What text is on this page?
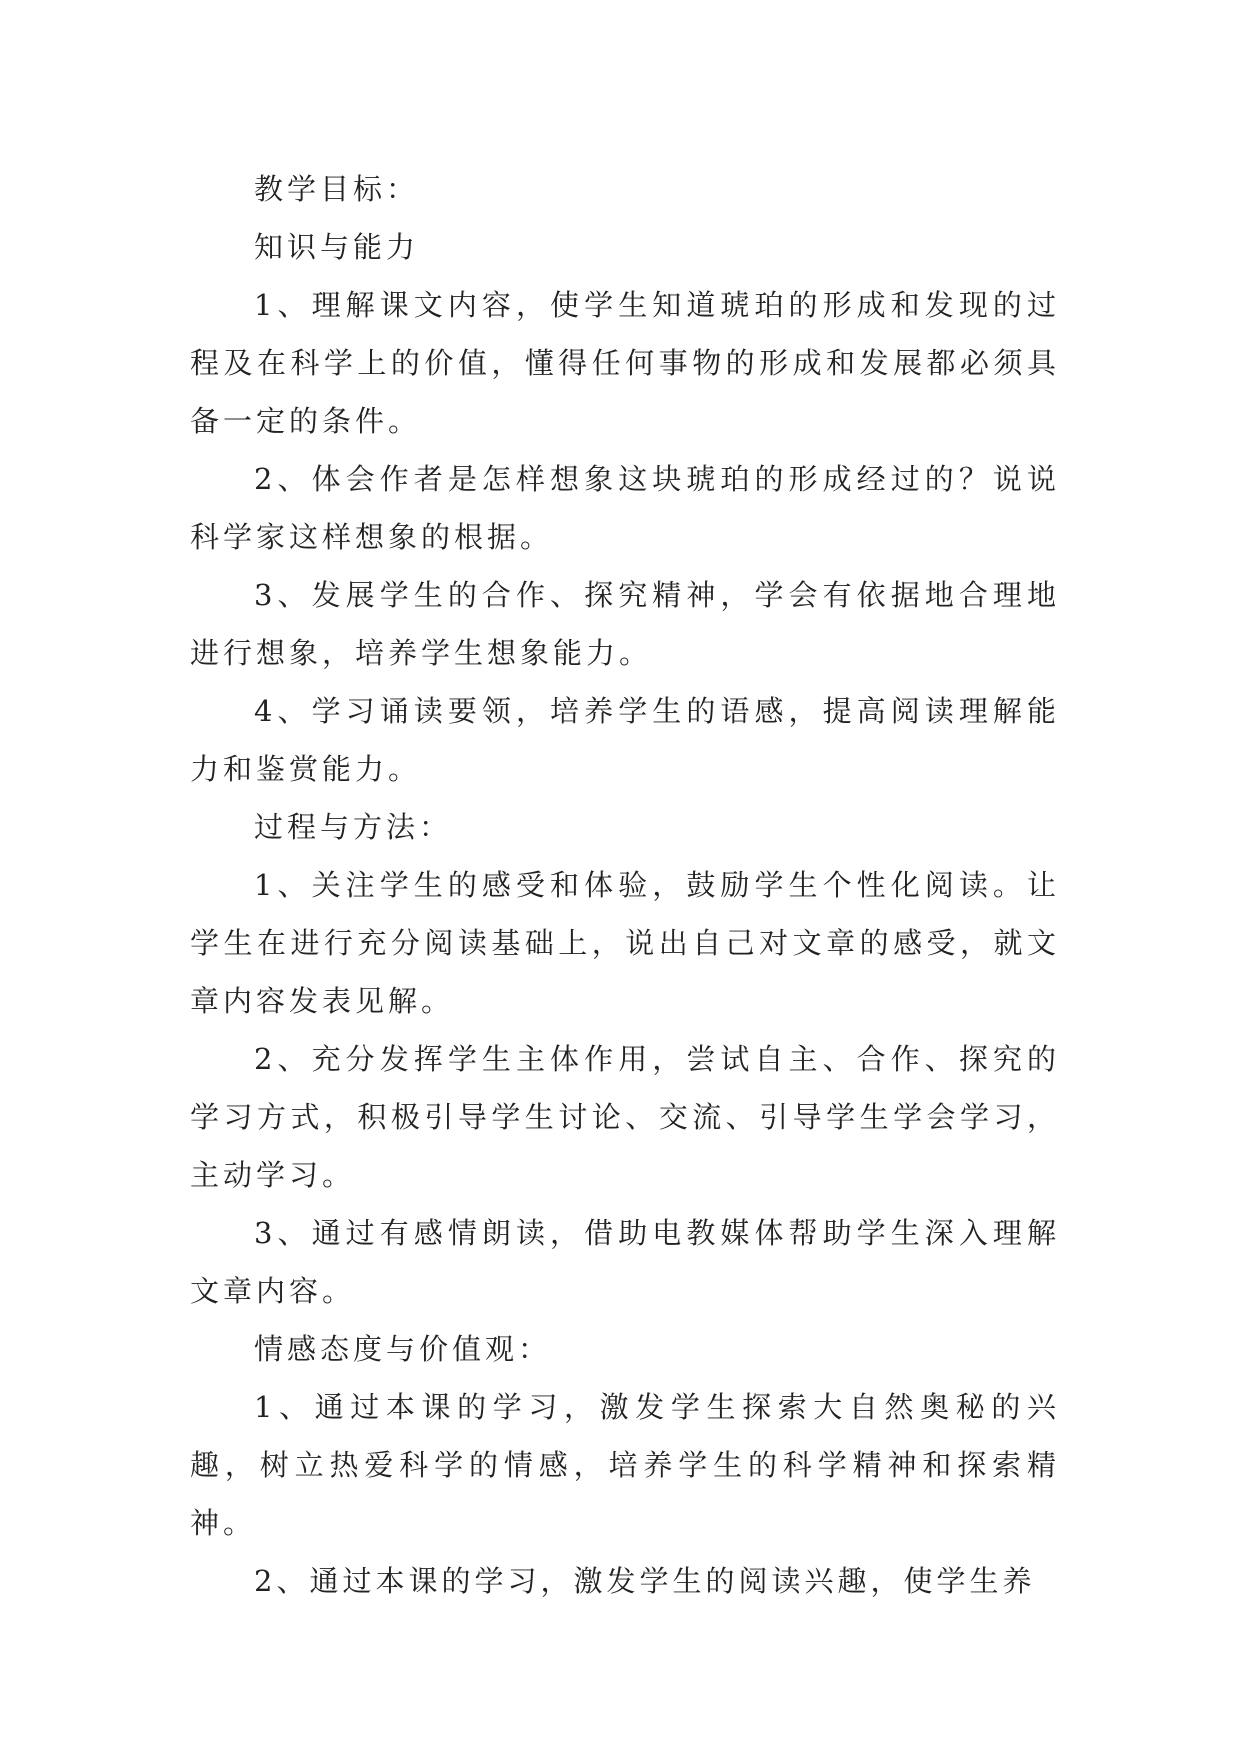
教学目标：

知识与能力

1、理解课文内容，使学生知道琥珀的形成和发现的过程及在科学上的价值，懂得任何事物的形成和发展都必须具备一定的条件。

2、体会作者是怎样想象这块琥珀的形成经过的？说说科学家这样想象的根据。

3、发展学生的合作、探究精神，学会有依据地合理地进行想象，培养学生想象能力。

4、学习诵读要领，培养学生的语感，提高阅读理解能力和鉴赏能力。

过程与方法：

1、关注学生的感受和体验，鼓励学生个性化阅读。让学生在进行充分阅读基础上，说出自己对文章的感受，就文章内容发表见解。

2、充分发挥学生主体作用，尝试自主、合作、探究的学习方式，积极引导学生讨论、交流、引导学生学会学习，主动学习。

3、通过有感情朗读，借助电教媒体帮助学生深入理解文章内容。

情感态度与价值观：

1、通过本课的学习，激发学生探索大自然奥秘的兴趣，树立热爱科学的情感，培养学生的科学精神和探索精神。

2、通过本课的学习，激发学生的阅读兴趣，使学生养
